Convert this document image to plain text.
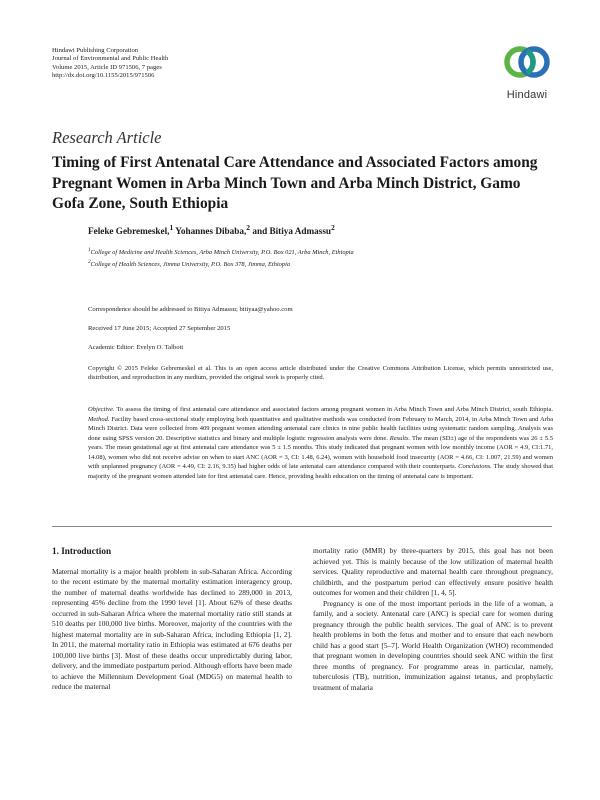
Hindawi Publishing Corporation
Journal of Environmental and Public Health
Volume 2015, Article ID 971506, 7 pages
http://dx.doi.org/10.1155/2015/971506
Hindawi
Research Article
Timing of First Antenatal Care Attendance and Associated Factors among Pregnant Women in Arba Minch Town and Arba Minch District, Gamo Gofa Zone, South Ethiopia
Feleke Gebremeskel,$^1$ Yohannes Dibaba,$^2$ and Bitiya Admassu$^2$
$^1$College of Medicine and Health Sciences, Arba Minch University, P.O. Box 021, Arba Minch, Ethiopia
$^2$College of Health Sciences, Jimma University, P.O. Box 378, Jimma, Ethiopia
Correspondence should be addressed to Bitiya Admassu; bitiyaa@yahoo.com
Received 17 June 2015; Accepted 27 September 2015
Academic Editor: Evelyn O. Talbott
Copyright © 2015 Feleke Gebremeskel et al. This is an open access article distributed under the Creative Commons Attribution License, which permits unrestricted use, distribution, and reproduction in any medium, provided the original work is properly cited.
Objective. To assess the timing of first antenatal care attendance and associated factors among pregnant women in Arba Minch Town and Arba Minch District, south Ethiopia. Method. Facility based cross-sectional study employing both quantitative and qualitative methods was conducted from February to March, 2014, in Arba Minch Town and Arba Minch District. Data were collected from 409 pregnant women attending antenatal care clinics in nine public health facilities using systematic random sampling. Analysis was done using SPSS version 20. Descriptive statistics and binary and multiple logistic regression analysis were done. Results. The mean (SD±) age of the respondents was 26 ± 5.5 years. The mean gestational age at first antenatal care attendance was 5 ± 1.5 months. This study indicated that pregnant women with low monthly income (AOR = 4.9, CI:1.71, 14.08), women who did not receive advise on when to start ANC (AOR = 3, CI: 1.48, 6.24), women with household food insecurity (AOR = 4.66, CI: 1.007, 21.59) and women with unplanned pregnancy (AOR = 4.49, CI: 2.16, 9.35) had higher odds of late antenatal care attendance compared with their counterparts. Conclusions. The study showed that majority of the pregnant women attended late for first antenatal care. Hence, providing health education on the timing of antenatal care is important.
1. Introduction

Maternal mortality is a major health problem in sub-Saharan Africa. According to the recent estimate by the maternal mortality estimation interagency group, the number of maternal deaths worldwide has declined to 289,000 in 2013, representing 45% decline from the 1990 level [1]. About 62% of these deaths occurred in sub-Saharan Africa where the maternal mortality ratio still stands at 510 deaths per 100,000 live births. Moreover, majority of the countries with the highest maternal mortality are in sub-Saharan Africa, including Ethiopia [1, 2]. In 2011, the maternal mortality ratio in Ethiopia was estimated at 676 deaths per 100,000 live births [3]. Most of these deaths occur unpredictably during labor, delivery, and the immediate postpartum period. Although efforts have been made to achieve the Millennium Development Goal (MDG5) on maternal health to reduce the maternal

mortality ratio (MMR) by three-quarters by 2015, this goal has not been achieved yet. This is mainly because of the low utilization of maternal health services. Quality reproductive and maternal health care throughout pregnancy, childbirth, and the postpartum period can effectively ensure positive health outcomes for women and their children [1, 4, 5].

Pregnancy is one of the most important periods in the life of a woman, a family, and a society. Antenatal care (ANC) is special care for women during pregnancy through the public health services. The goal of ANC is to prevent health problems in both the fetus and mother and to ensure that each newborn child has a good start [5–7]. World Health Organization (WHO) recommended that pregnant women in developing countries should seek ANC within the first three months of pregnancy. For programme areas in particular, namely, tuberculosis (TB), nutrition, immunization against tetanus, and prophylactic treatment of malaria
